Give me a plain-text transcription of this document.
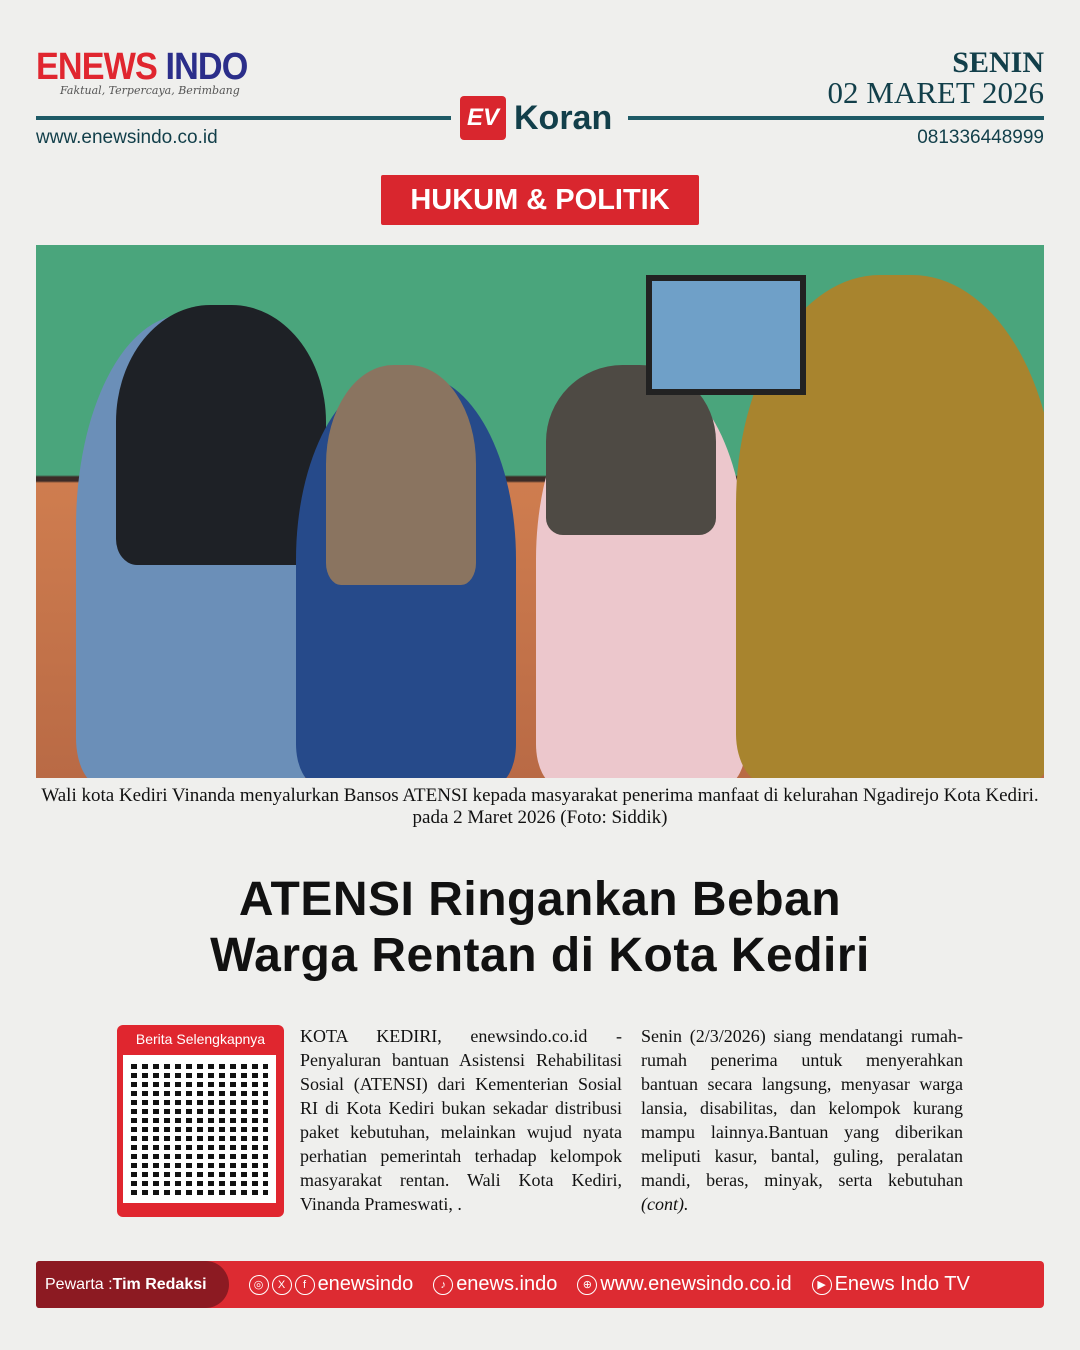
ENEWS INDO
Faktual, Terpercaya, Berimbang
SENIN
02 MARET 2026
EV Koran
www.enewsindo.co.id	081336448999
HUKUM & POLITIK
Wali kota Kediri Vinanda menyalurkan Bansos ATENSI kepada masyarakat penerima manfaat di kelurahan Ngadirejo Kota Kediri. pada 2 Maret 2026 (Foto: Siddik)
ATENSI Ringankan Beban
Warga Rentan di Kota Kediri
Berita Selengkapnya	KOTA KEDIRI, enewsindo.co.id - Penyaluran bantuan Asistensi Rehabilitasi Sosial (ATENSI) dari Kementerian Sosial RI di Kota Kediri bukan sekadar distribusi paket kebutuhan, melainkan wujud nyata perhatian pemerintah terhadap kelompok masyarakat rentan. Wali Kota Kediri, Vinanda Prameswati, .
Senin (2/3/2026) siang mendatangi rumah-rumah penerima untuk menyerahkan bantuan secara langsung, menyasar warga lansia, disabilitas, dan kelompok kurang mampu lainnya.Bantuan yang diberikan meliputi kasur, bantal, guling, peralatan mandi, beras, minyak, serta kebutuhan (cont).
Pewarta : Tim Redaksi	◎	X	f enewsindo	♪ enews.indo	⊕ www.enewsindo.co.id	▶ Enews Indo TV
